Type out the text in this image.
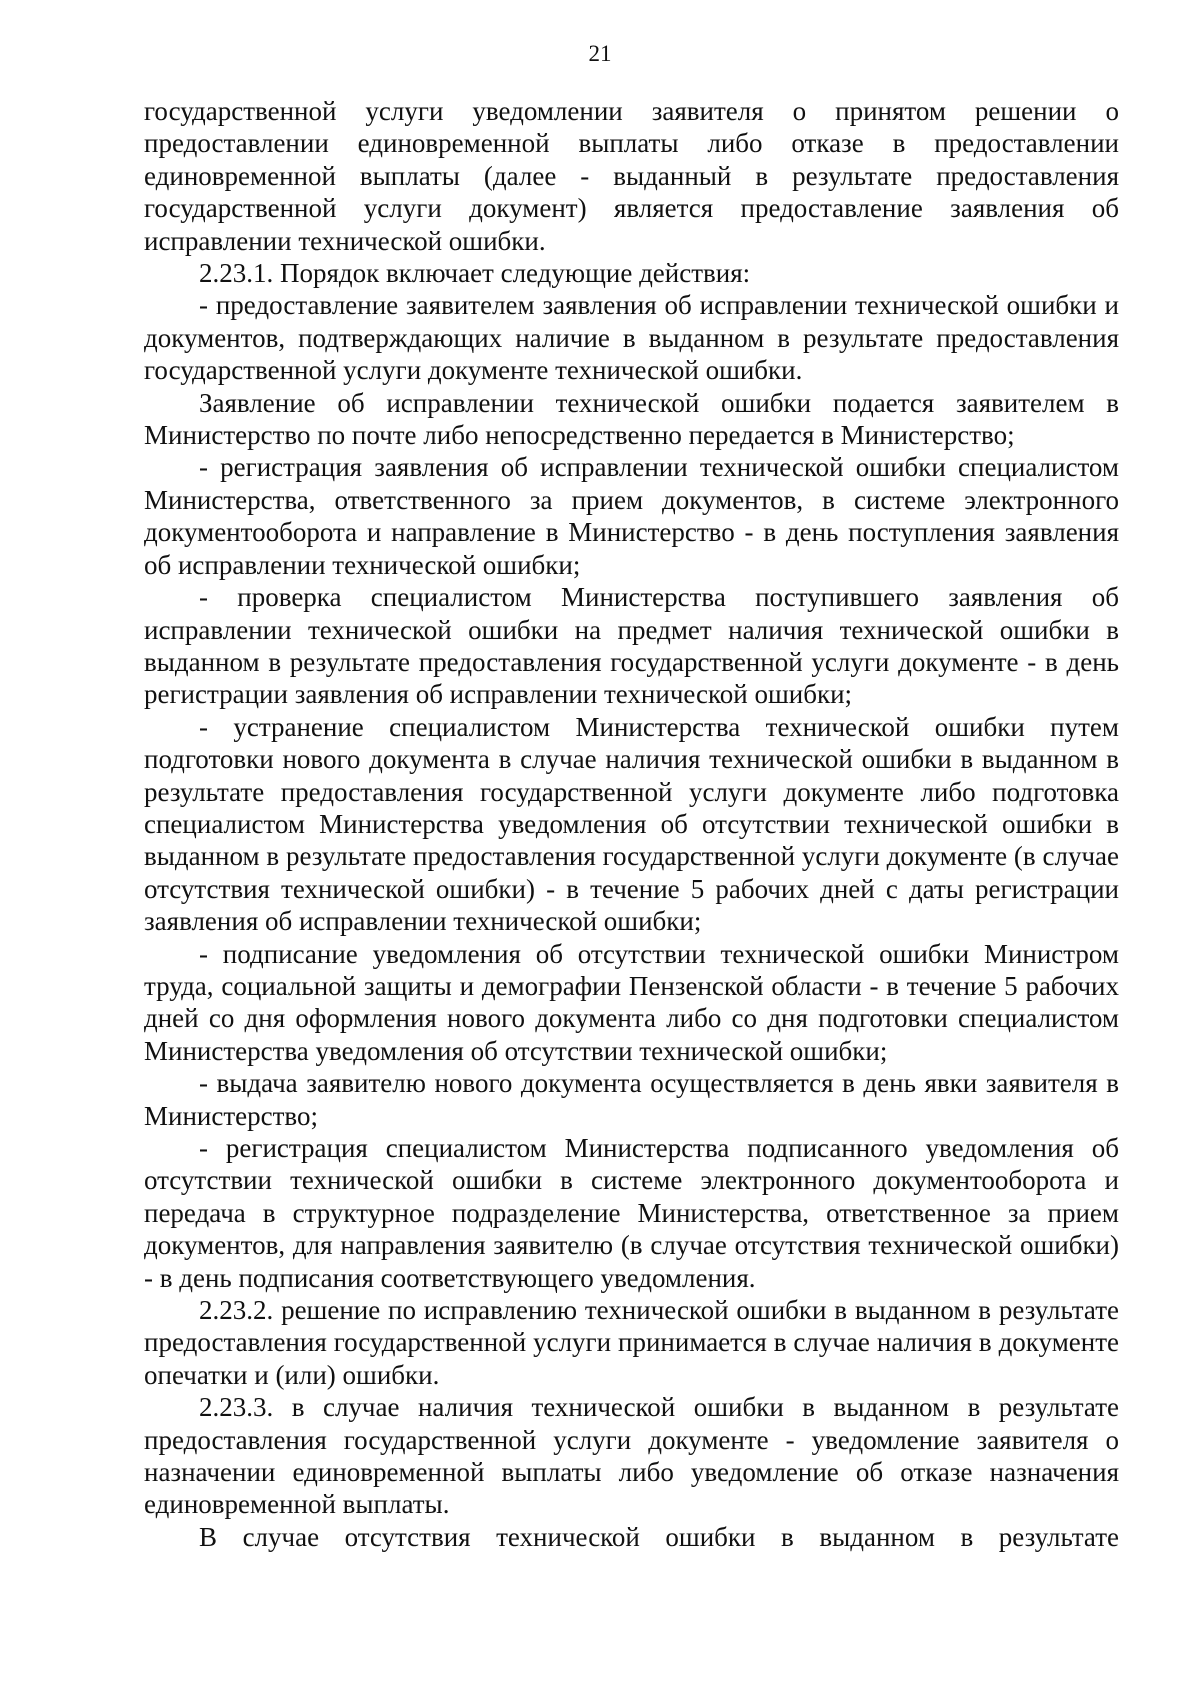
21

государственной услуги уведомлении заявителя о принятом решении о предоставлении единовременной выплаты либо отказе в предоставлении единовременной выплаты (далее - выданный в результате предоставления государственной услуги документ) является предоставление заявления об исправлении технической ошибки.

2.23.1. Порядок включает следующие действия:

- предоставление заявителем заявления об исправлении технической ошибки и документов, подтверждающих наличие в выданном в результате предоставления государственной услуги документе технической ошибки.

Заявление об исправлении технической ошибки подается заявителем в Министерство по почте либо непосредственно передается в Министерство;

- регистрация заявления об исправлении технической ошибки специалистом Министерства, ответственного за прием документов, в системе электронного документооборота и направление в Министерство - в день поступления заявления об исправлении технической ошибки;

- проверка специалистом Министерства поступившего заявления об исправлении технической ошибки на предмет наличия технической ошибки в выданном в результате предоставления государственной услуги документе - в день регистрации заявления об исправлении технической ошибки;

- устранение специалистом Министерства технической ошибки путем подготовки нового документа в случае наличия технической ошибки в выданном в результате предоставления государственной услуги документе либо подготовка специалистом Министерства уведомления об отсутствии технической ошибки в выданном в результате предоставления государственной услуги документе (в случае отсутствия технической ошибки) - в течение 5 рабочих дней с даты регистрации заявления об исправлении технической ошибки;

- подписание уведомления об отсутствии технической ошибки Министром труда, социальной защиты и демографии Пензенской области - в течение 5 рабочих дней со дня оформления нового документа либо со дня подготовки специалистом Министерства уведомления об отсутствии технической ошибки;

- выдача заявителю нового документа осуществляется в день явки заявителя в Министерство;

- регистрация специалистом Министерства подписанного уведомления об отсутствии технической ошибки в системе электронного документооборота и передача в структурное подразделение Министерства, ответственное за прием документов, для направления заявителю (в случае отсутствия технической ошибки) - в день подписания соответствующего уведомления.

2.23.2. решение по исправлению технической ошибки в выданном в результате предоставления государственной услуги принимается в случае наличия в документе опечатки и (или) ошибки.

2.23.3. в случае наличия технической ошибки в выданном в результате предоставления государственной услуги документе - уведомление заявителя о назначении единовременной выплаты либо уведомление об отказе назначения единовременной выплаты.

В случае отсутствия технической ошибки в выданном в результате
